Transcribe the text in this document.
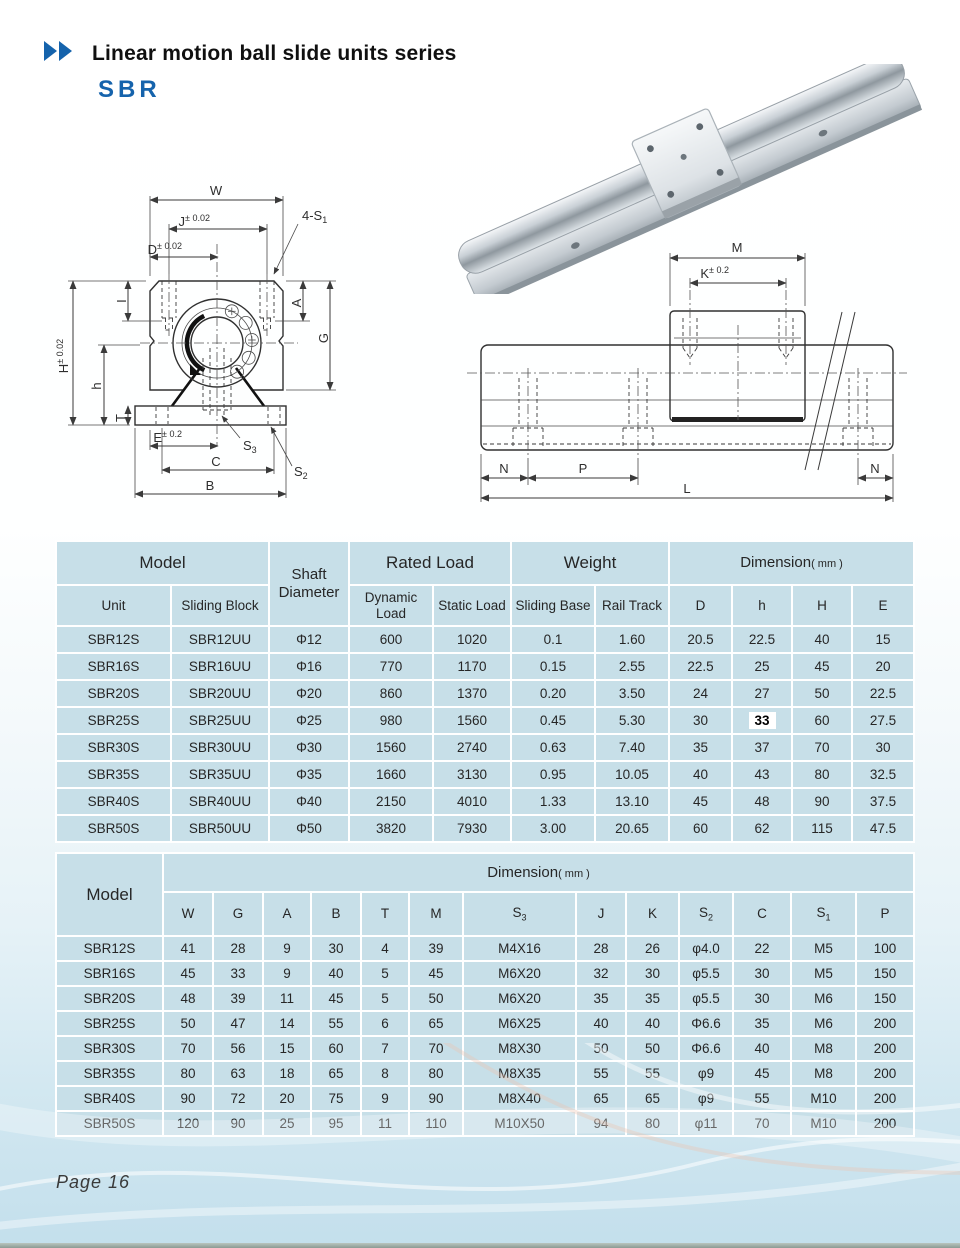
Linear motion ball slide units series
SBR
W
$J^{\pm 0.02}$
$D^{\pm 0.02}$
4-S1
I	A
G
$H^{\pm 0.02}$
h
T
$E^{\pm 0.2}$
S3
C
S2
B
M
$K^{\pm 0.2}$
N	P	N
L
Model		Shaft Diameter	Rated Load		Weight		Dimension( mm )			
Unit	Sliding Block		Dynamic Load	Static Load	Sliding Base	Rail Track	D	h	H	E
SBR12S	SBR12UU	Φ12	600	1020	0.1	1.60	20.5	22.5	40	15
SBR16S	SBR16UU	Φ16	770	1170	0.15	2.55	22.5	25	45	20
SBR20S	SBR20UU	Φ20	860	1370	0.20	3.50	24	27	50	22.5
SBR25S	SBR25UU	Φ25	980	1560	0.45	5.30	30	33	60	27.5
SBR30S	SBR30UU	Φ30	1560	2740	0.63	7.40	35	37	70	30
SBR35S	SBR35UU	Φ35	1660	3130	0.95	10.05	40	43	80	32.5
SBR40S	SBR40UU	Φ40	2150	4010	1.33	13.10	45	48	90	37.5
SBR50S	SBR50UU	Φ50	3820	7930	3.00	20.65	60	62	115	47.5
Model	Dimension( mm )												
	W	G	A	B	T	M	$S_3$	J	K	$S_2$	C	$S_1$	P
SBR12S	41	28	9	30	4	39	M4X16	28	26	φ4.0	22	M5	100
SBR16S	45	33	9	40	5	45	M6X20	32	30	φ5.5	30	M5	150
SBR20S	48	39	11	45	5	50	M6X20	35	35	φ5.5	30	M6	150
SBR25S	50	47	14	55	6	65	M6X25	40	40	Φ6.6	35	M6	200
SBR30S	70	56	15	60	7	70	M8X30	50	50	Φ6.6	40	M8	200
SBR35S	80	63	18	65	8	80	M8X35	55	55	φ9	45	M8	200
SBR40S	90	72	20	75	9	90	M8X40	65	65	φ9	55	M10	200
SBR50S	120	90	25	95	11	110	M10X50	94	80	φ11	70	M10	200
Page 16
